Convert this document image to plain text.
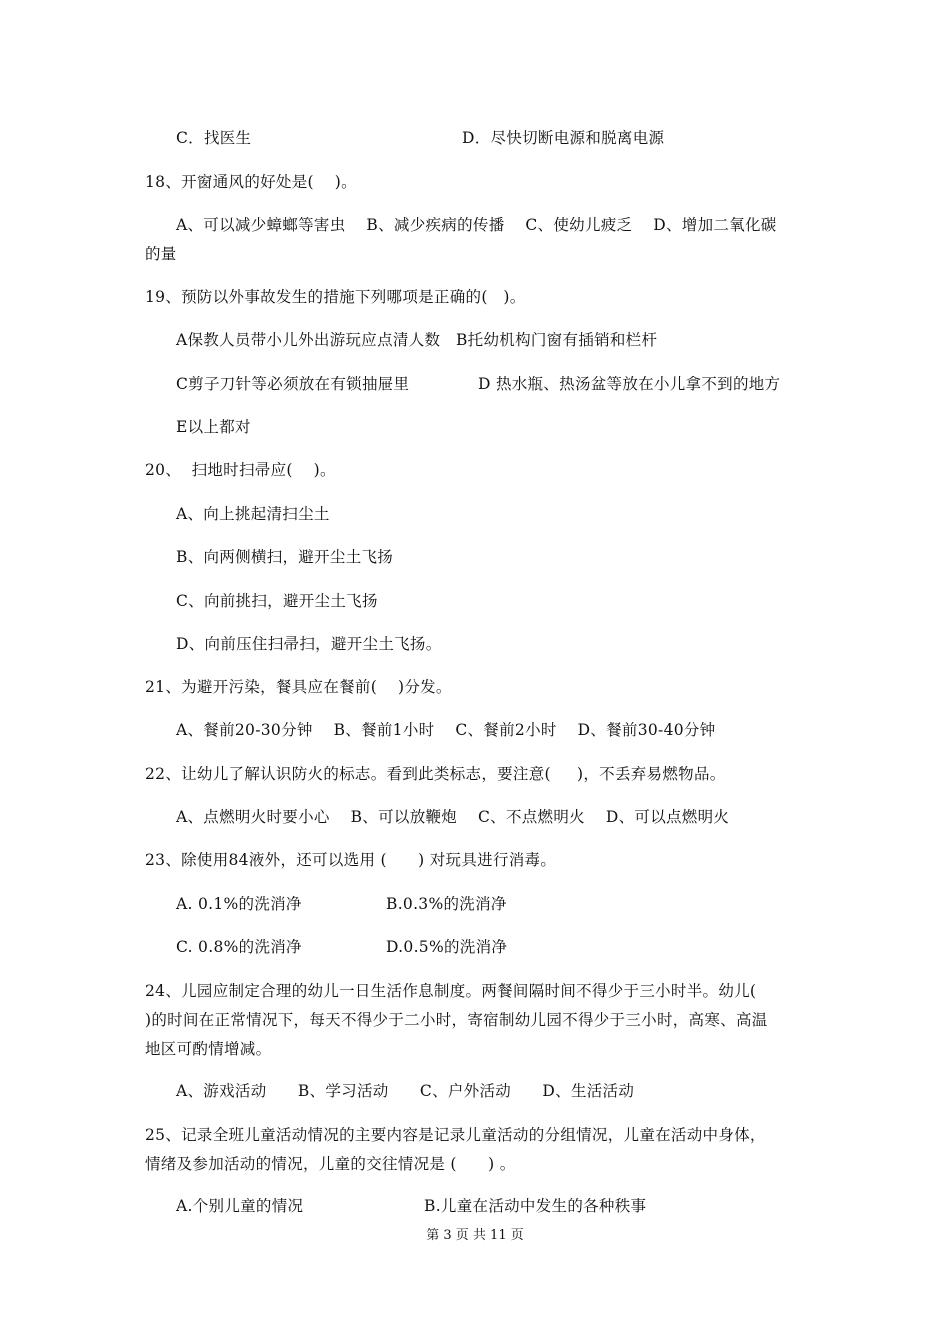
C．找医生	D．尽快切断电源和脱离电源
18、开窗通风的好处是(    )。
A、可以减少蟑螂等害虫    B、减少疾病的传播    C、使幼儿疲乏    D、增加二氧化碳
的量
19、预防以外事故发生的措施下列哪项是正确的(   )。
A保教人员带小儿外出游玩应点清人数   B托幼机构门窗有插销和栏杆
C剪子刀针等必须放在有锁抽屉里	D 热水瓶、热汤盆等放在小儿拿不到的地方
E以上都对
20、  扫地时扫帚应(    )。
A、向上挑起清扫尘土
B、向两侧横扫，避开尘土飞扬
C、向前挑扫，避开尘土飞扬
D、向前压住扫帚扫，避开尘土飞扬。
21、为避开污染，餐具应在餐前(    )分发。
A、餐前20-30分钟    B、餐前1小时    C、餐前2小时    D、餐前30-40分钟
22、让幼儿了解认识防火的标志。看到此类标志，要注意(     )，不丢弃易燃物品。
A、点燃明火时要小心    B、可以放鞭炮    C、不点燃明火    D、可以点燃明火
23、除使用84液外，还可以选用 (      ) 对玩具进行消毒。
A. 0.1%的洗消净	B.0.3%的洗消净
C. 0.8%的洗消净	D.0.5%的洗消净
24、儿园应制定合理的幼儿一日生活作息制度。两餐间隔时间不得少于三小时半。幼儿(
)的时间在正常情况下，每天不得少于二小时，寄宿制幼儿园不得少于三小时，高寒、高温
地区可酌情增减。
A、游戏活动      B、学习活动      C、户外活动      D、生活活动
25、记录全班儿童活动情况的主要内容是记录儿童活动的分组情况，儿童在活动中身体，
情绪及参加活动的情况，儿童的交往情况是 (      ) 。
A.个别儿童的情况	B.儿童在活动中发生的各种秩事
第 3 页 共 11 页
